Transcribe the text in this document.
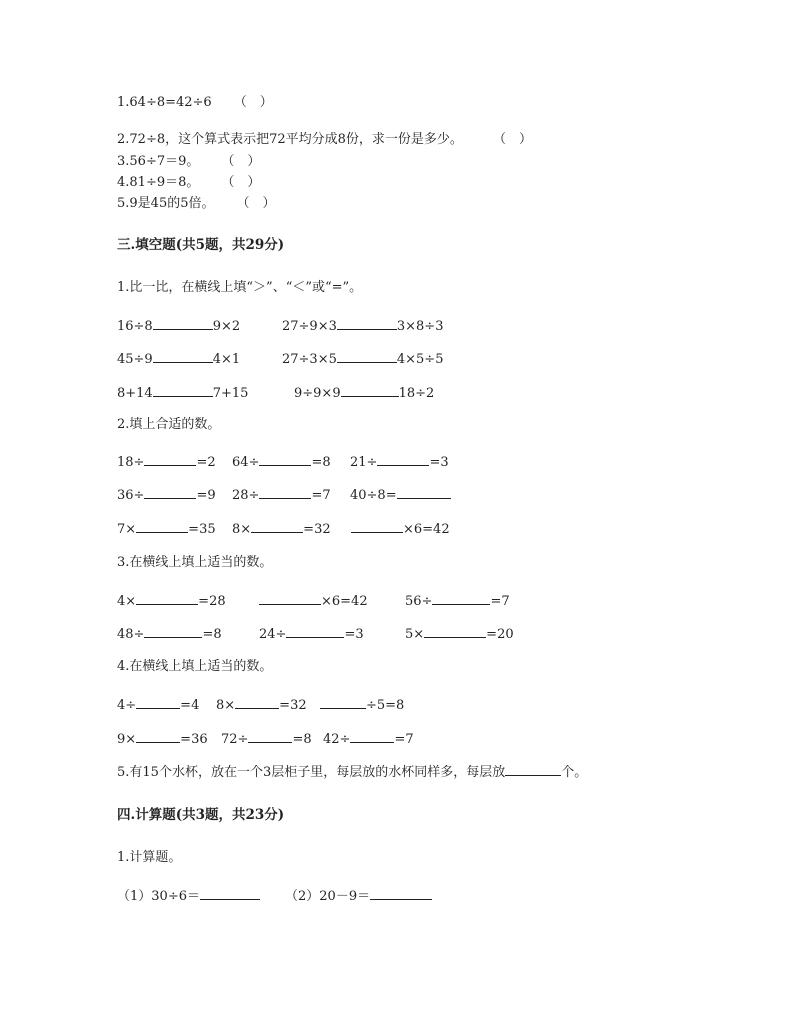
1.64÷8=42÷6 （　）
2.72÷8，这个算式表示把72平均分成8份，求一份是多少。 （　）
3.56÷7＝9。 （　）
4.81÷9＝8。 （　）
5.9是45的5倍。 （　）
三.填空题(共5题，共29分)
1.比一比，在横线上填“＞”、“＜”或“=”。
16÷8	9×2	27÷9×3	3×8÷3
45÷9	4×1	27÷3×5	4×5÷5
8+14	7+15	9÷9×9	18÷2
2.填上合适的数。
18÷	=2 64÷	=8 21÷	=3
36÷	=9 28÷	=7 40÷8=
7×	=35 8×	=32	×6=42
3.在横线上填上适当的数。
4×	=28	×6=42	56÷	=7
48÷	=8	24÷	=3	5×	=20
4.在横线上填上适当的数。
4÷	=4 8×	=32	÷5=8
9×	=36 72÷	=8 42÷	=7
5.有15个水杯，放在一个3层柜子里，每层放的水杯同样多，每层放	个。
四.计算题(共3题，共23分)
1.计算题。
（1）30÷6＝	（2）20－9＝
